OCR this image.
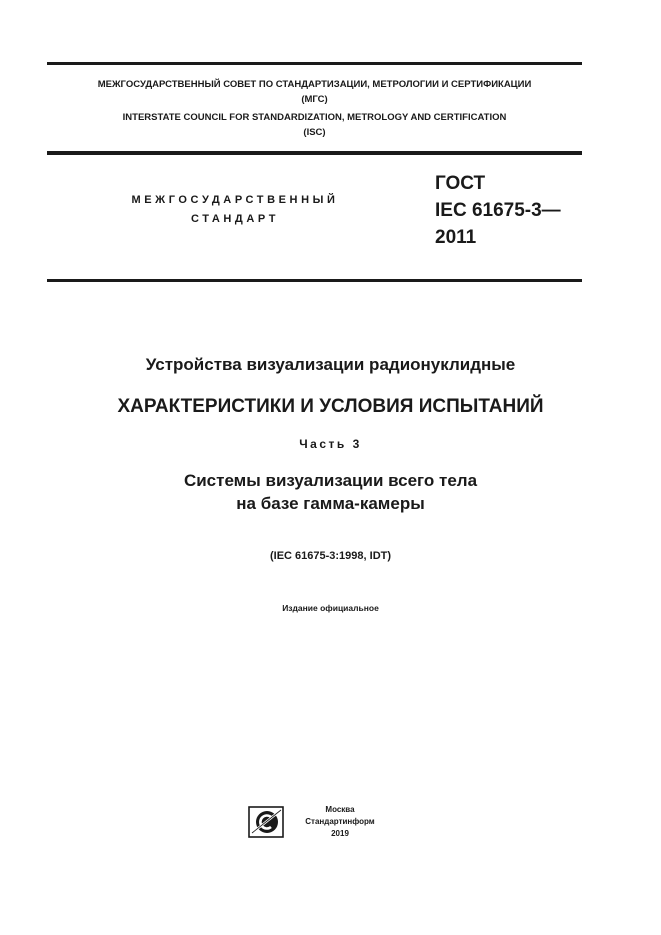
МЕЖГОСУДАРСТВЕННЫЙ СОВЕТ ПО СТАНДАРТИЗАЦИИ, МЕТРОЛОГИИ И СЕРТИФИКАЦИИ
(МГС)
INTERSTATE COUNCIL FOR STANDARDIZATION, METROLOGY AND CERTIFICATION
(ISC)
МЕЖГОСУДАРСТВЕННЫЙ
СТАНДАРТ
ГОСТ
IEC 61675-3—
2011
Устройства визуализации радионуклидные
ХАРАКТЕРИСТИКИ И УСЛОВИЯ ИСПЫТАНИЙ
Часть 3
Системы визуализации всего тела
на базе гамма-камеры
(IEC 61675-3:1998, IDT)
Издание официальное
Москва
Стандартинформ
2019
